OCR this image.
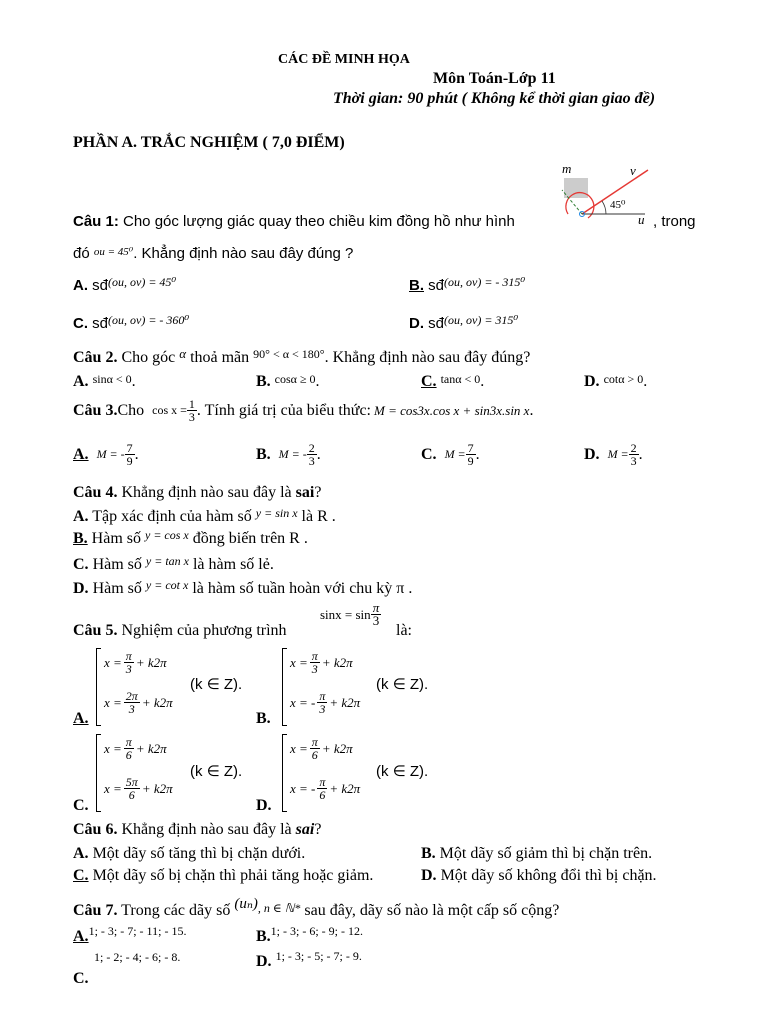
CÁC ĐỀ MINH HỌA
Môn Toán-Lớp 11
Thời gian: 90 phút ( Không kể thời gian giao đề)
PHẦN A. TRẮC NGHIỆM ( 7,0 ĐIỂM)
m	v
45⁰
u
Câu 1: Cho góc lượng giác quay theo chiều kim đồng hồ như hình	, trong
đó $^{ou = 45^0}$. Khẳng định nào sau đây đúng ?
A. $sđ^{(ou, ov) = 45^0}$	B. $sđ^{(ou, ov) = - 315^0}$
C. $sđ^{(ou, ov) = - 360^0}$	D. $sđ^{(ou, ov) = 315^0}$
Câu 2. Cho góc $^\alpha$ thoả mãn $^{90^\circ < \alpha < 180^\circ}$. Khẳng định nào sau đây đúng?
A. sinα < 0.	B. cosα ≥ 0.	C. tanα < 0.	D. cotα > 0.
Câu 3. Cho $\cos x = \frac{1}{3}$ . Tính giá trị của biểu thức: M = cos3x.cos x + sin3x.sin x .
A. M = - $\frac{7}{9}$ .	B. M = - $\frac{2}{3}$ .	C. $M = \frac{7}{9}$ .	D. $M = \frac{2}{3}$ .
Câu 4. Khẳng định nào sau đây là sai?
A. Tập xác định của hàm số $^{y = sin x}$ là R .
B. Hàm số $^{y = cos x}$ đồng biến trên R .
C. Hàm số $^{y = tan x}$ là hàm số lẻ.
D. Hàm số $^{y = cot x}$ là hàm số tuần hoàn với chu kỳ π .
Câu 5. Nghiệm của phương trình
$\sin x = \sin \frac{\pi}{3}$
là:
A.
$x = \frac{\pi}{3} + k2\pi$
$x = \frac{2\pi}{3} + k2\pi$
(k ∈ Z).
B.
$x = \frac{\pi}{3} + k2\pi$
x = - $\frac{\pi}{3} + k2\pi$
(k ∈ Z).
C.
$x = \frac{\pi}{6} + k2\pi$
$x = \frac{5\pi}{6} + k2\pi$
(k ∈ Z).
D.
$x = \frac{\pi}{6} + k2\pi$
x = - $\frac{\pi}{6} + k2\pi$
(k ∈ Z).
Câu 6. Khẳng định nào sau đây là sai?
A. Một dãy số tăng thì bị chặn dưới.	B. Một dãy số giảm thì bị chặn trên.
C. Một dãy số bị chặn thì phải tăng hoặc giảm.	D. Một dãy số không đổi thì bị chặn.
Câu 7. Trong các dãy số (uₙ), n ∈ ℕ* sau đây, dãy số nào là một cấp số cộng?
A.$^{1; - 3; - 7; - 11; - 15.}$	B.$^{1; - 3; - 6; - 9; - 12.}$
C.
1; - 2; - 4; - 6; - 8.	D. $^{1; - 3; - 5; - 7; - 9.}$
